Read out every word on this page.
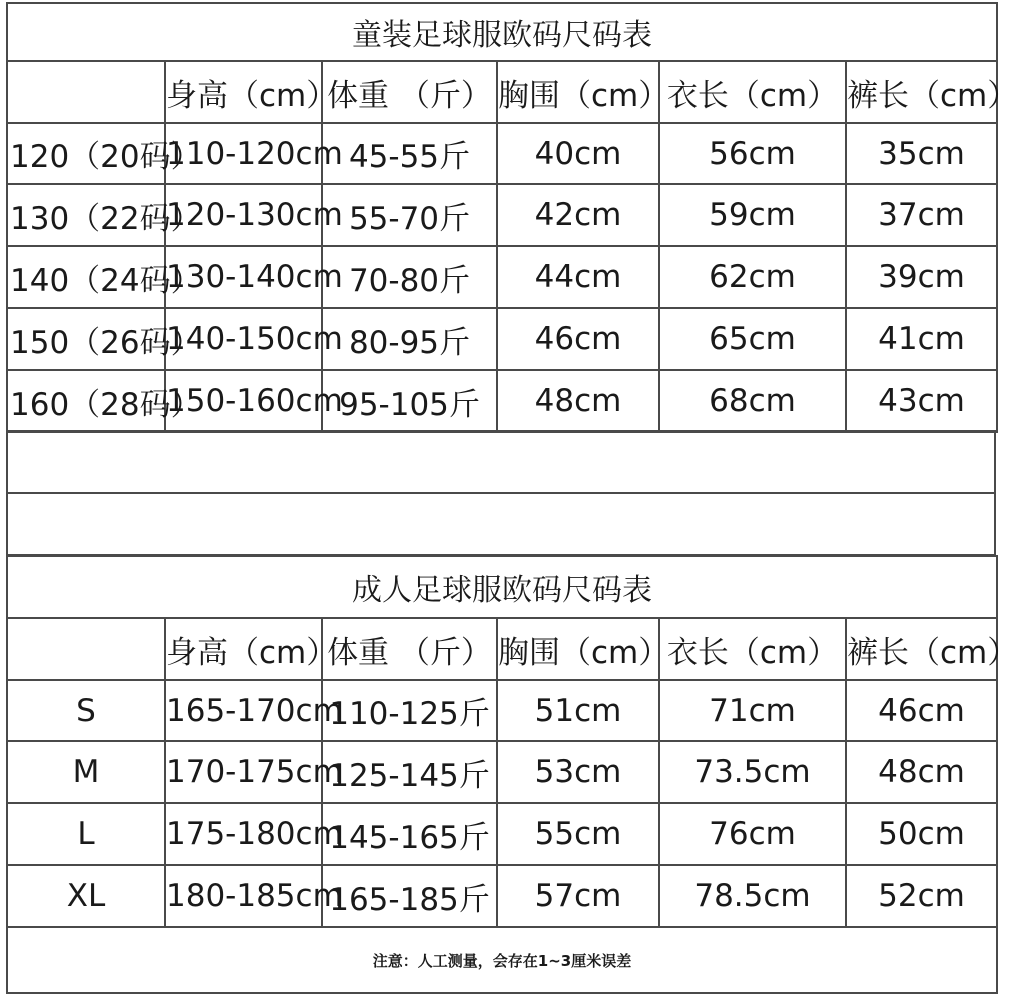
童装足球服欧码尺码表					
	身高（cm）	体重 （斤）	胸围（cm）	衣长（cm）	裤长（cm）
120（20码）	110-120cm	45-55斤	40cm	56cm	35cm
130（22码）	120-130cm	55-70斤	42cm	59cm	37cm
140（24码）	130-140cm	70-80斤	44cm	62cm	39cm
150（26码）	140-150cm	80-95斤	46cm	65cm	41cm
160（28码）	150-160cm	95-105斤	48cm	68cm	43cm

成人足球服欧码尺码表					
	身高（cm）	体重 （斤）	胸围（cm）	衣长（cm）	裤长（cm）
S	165-170cm	110-125斤	51cm	71cm	46cm
M	170-175cm	125-145斤	53cm	73.5cm	48cm
L	175-180cm	145-165斤	55cm	76cm	50cm
XL	180-185cm	165-185斤	57cm	78.5cm	52cm
注意：人工测量，会存在1~3厘米误差					
